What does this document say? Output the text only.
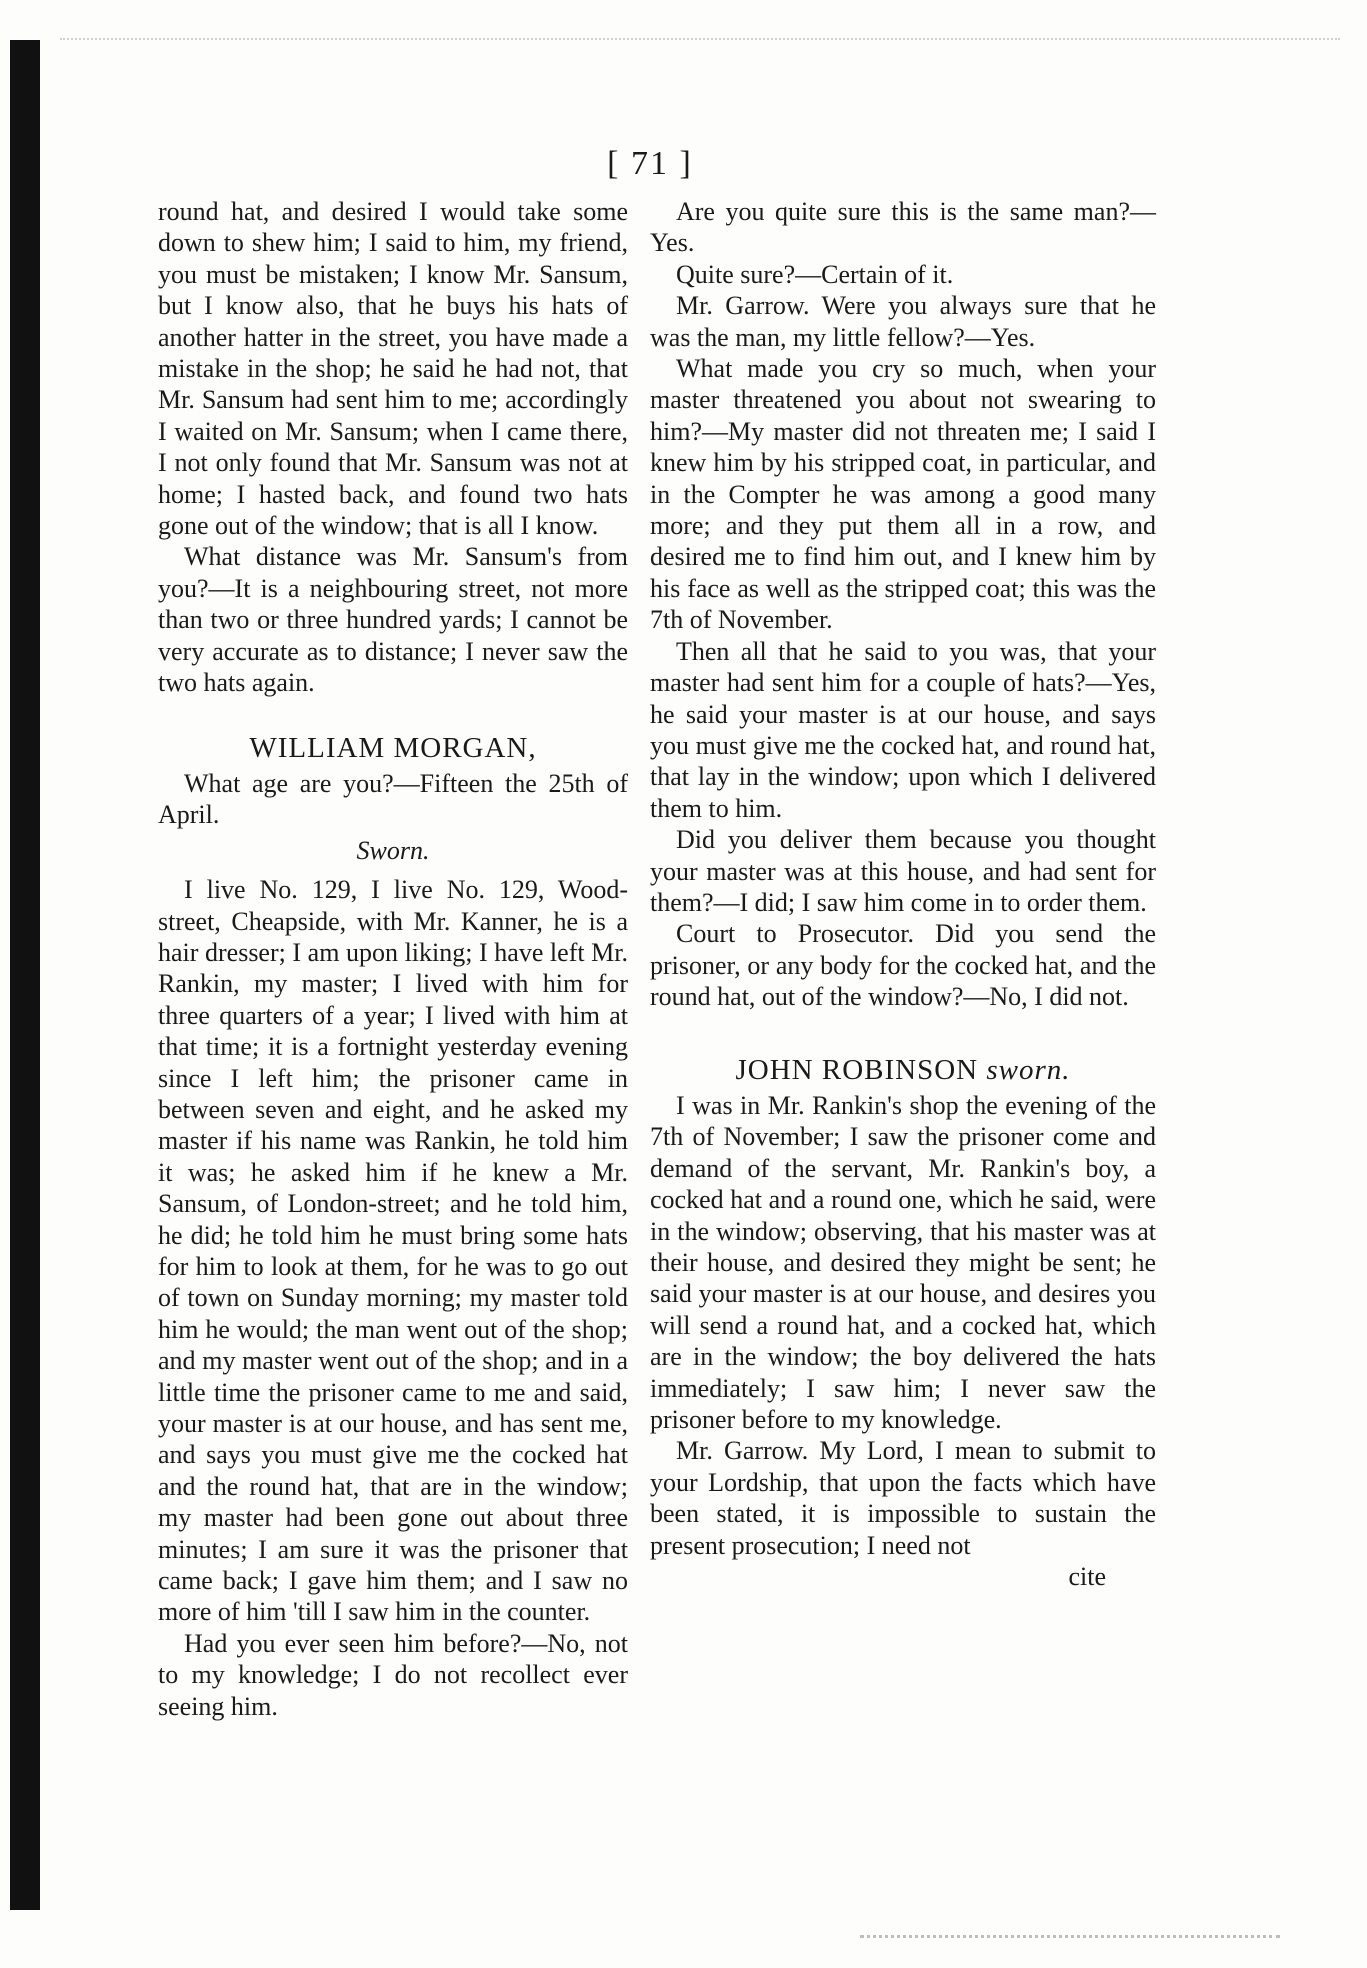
[ 71 ]

round hat, and desired I would take some down to shew him; I said to him, my friend, you must be mistaken; I know Mr. Sansum, but I know also, that he buys his hats of another hatter in the street, you have made a mistake in the shop; he said he had not, that Mr. Sansum had sent him to me; accordingly I waited on Mr. Sansum; when I came there, I not only found that Mr. Sansum was not at home; I hasted back, and found two hats gone out of the window; that is all I know.

What distance was Mr. Sansum's from you?—It is a neighbouring street, not more than two or three hundred yards; I cannot be very accurate as to distance; I never saw the two hats again.

WILLIAM MORGAN,

What age are you?—Fifteen the 25th of April.

Sworn.

I live No. 129, I live No. 129, Wood-street, Cheapside, with Mr. Kanner, he is a hair dresser; I am upon liking; I have left Mr. Rankin, my master; I lived with him for three quarters of a year; I lived with him at that time; it is a fortnight yesterday evening since I left him; the prisoner came in between seven and eight, and he asked my master if his name was Rankin, he told him it was; he asked him if he knew a Mr. Sansum, of London-street; and he told him, he did; he told him he must bring some hats for him to look at them, for he was to go out of town on Sunday morning; my master told him he would; the man went out of the shop; and my master went out of the shop; and in a little time the prisoner came to me and said, your master is at our house, and has sent me, and says you must give me the cocked hat and the round hat, that are in the window; my master had been gone out about three minutes; I am sure it was the prisoner that came back; I gave him them; and I saw no more of him 'till I saw him in the counter.

Had you ever seen him before?—No, not to my knowledge; I do not recollect ever seeing him.

Are you quite sure this is the same man?—Yes.

Quite sure?—Certain of it.

Mr. Garrow. Were you always sure that he was the man, my little fellow?—Yes.

What made you cry so much, when your master threatened you about not swearing to him?—My master did not threaten me; I said I knew him by his stripped coat, in particular, and in the Compter he was among a good many more; and they put them all in a row, and desired me to find him out, and I knew him by his face as well as the stripped coat; this was the 7th of November.

Then all that he said to you was, that your master had sent him for a couple of hats?—Yes, he said your master is at our house, and says you must give me the cocked hat, and round hat, that lay in the window; upon which I delivered them to him.

Did you deliver them because you thought your master was at this house, and had sent for them?—I did; I saw him come in to order them.

Court to Prosecutor. Did you send the prisoner, or any body for the cocked hat, and the round hat, out of the window?—No, I did not.

JOHN ROBINSON sworn.

I was in Mr. Rankin's shop the evening of the 7th of November; I saw the prisoner come and demand of the servant, Mr. Rankin's boy, a cocked hat and a round one, which he said, were in the window; observing, that his master was at their house, and desired they might be sent; he said your master is at our house, and desires you will send a round hat, and a cocked hat, which are in the window; the boy delivered the hats immediately; I saw him; I never saw the prisoner before to my knowledge.

Mr. Garrow. My Lord, I mean to submit to your Lordship, that upon the facts which have been stated, it is impossible to sustain the present prosecution; I need not

cite
